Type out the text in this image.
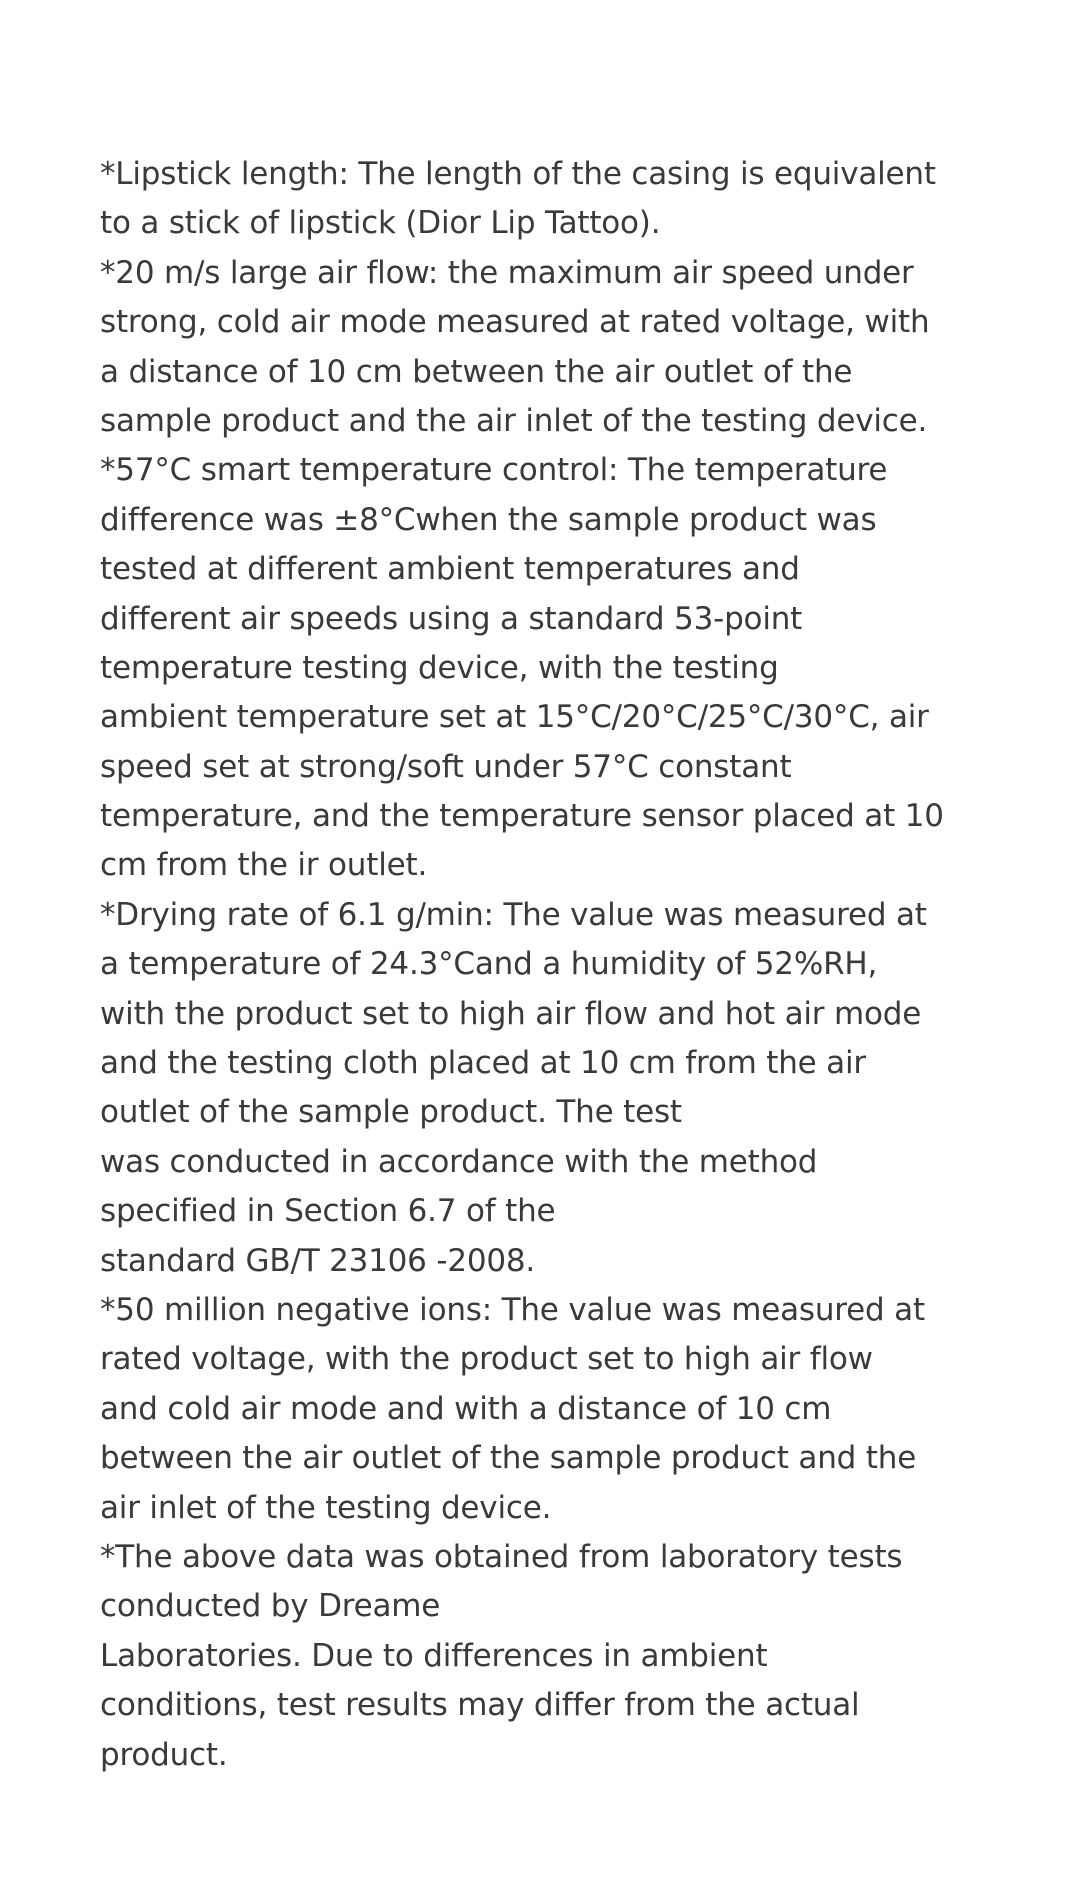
*Lipstick length: The length of the casing is equivalent
to a stick of lipstick (Dior Lip Tattoo).
*20 m/s large air flow: the maximum air speed under
strong, cold air mode measured at rated voltage, with
a distance of 10 cm between the air outlet of the
sample product and the air inlet of the testing device.
*57°C smart temperature control: The temperature
difference was ±8°Cwhen the sample product was
tested at different ambient temperatures and
different air speeds using a standard 53-point
temperature testing device, with the testing
ambient temperature set at 15°C/20°C/25°C/30°C, air
speed set at strong/soft under 57°C constant
temperature, and the temperature sensor placed at 10
cm from the ir outlet.
*Drying rate of 6.1 g/min: The value was measured at
a temperature of 24.3°Cand a humidity of 52%RH,
with the product set to high air flow and hot air mode
and the testing cloth placed at 10 cm from the air
outlet of the sample product. The test
was conducted in accordance with the method
specified in Section 6.7 of the
standard GB/T 23106 -2008.
*50 million negative ions: The value was measured at
rated voltage, with the product set to high air flow
and cold air mode and with a distance of 10 cm
between the air outlet of the sample product and the
air inlet of the testing device.
*The above data was obtained from laboratory tests
conducted by Dreame
Laboratories. Due to differences in ambient
conditions, test results may differ from the actual
product.
